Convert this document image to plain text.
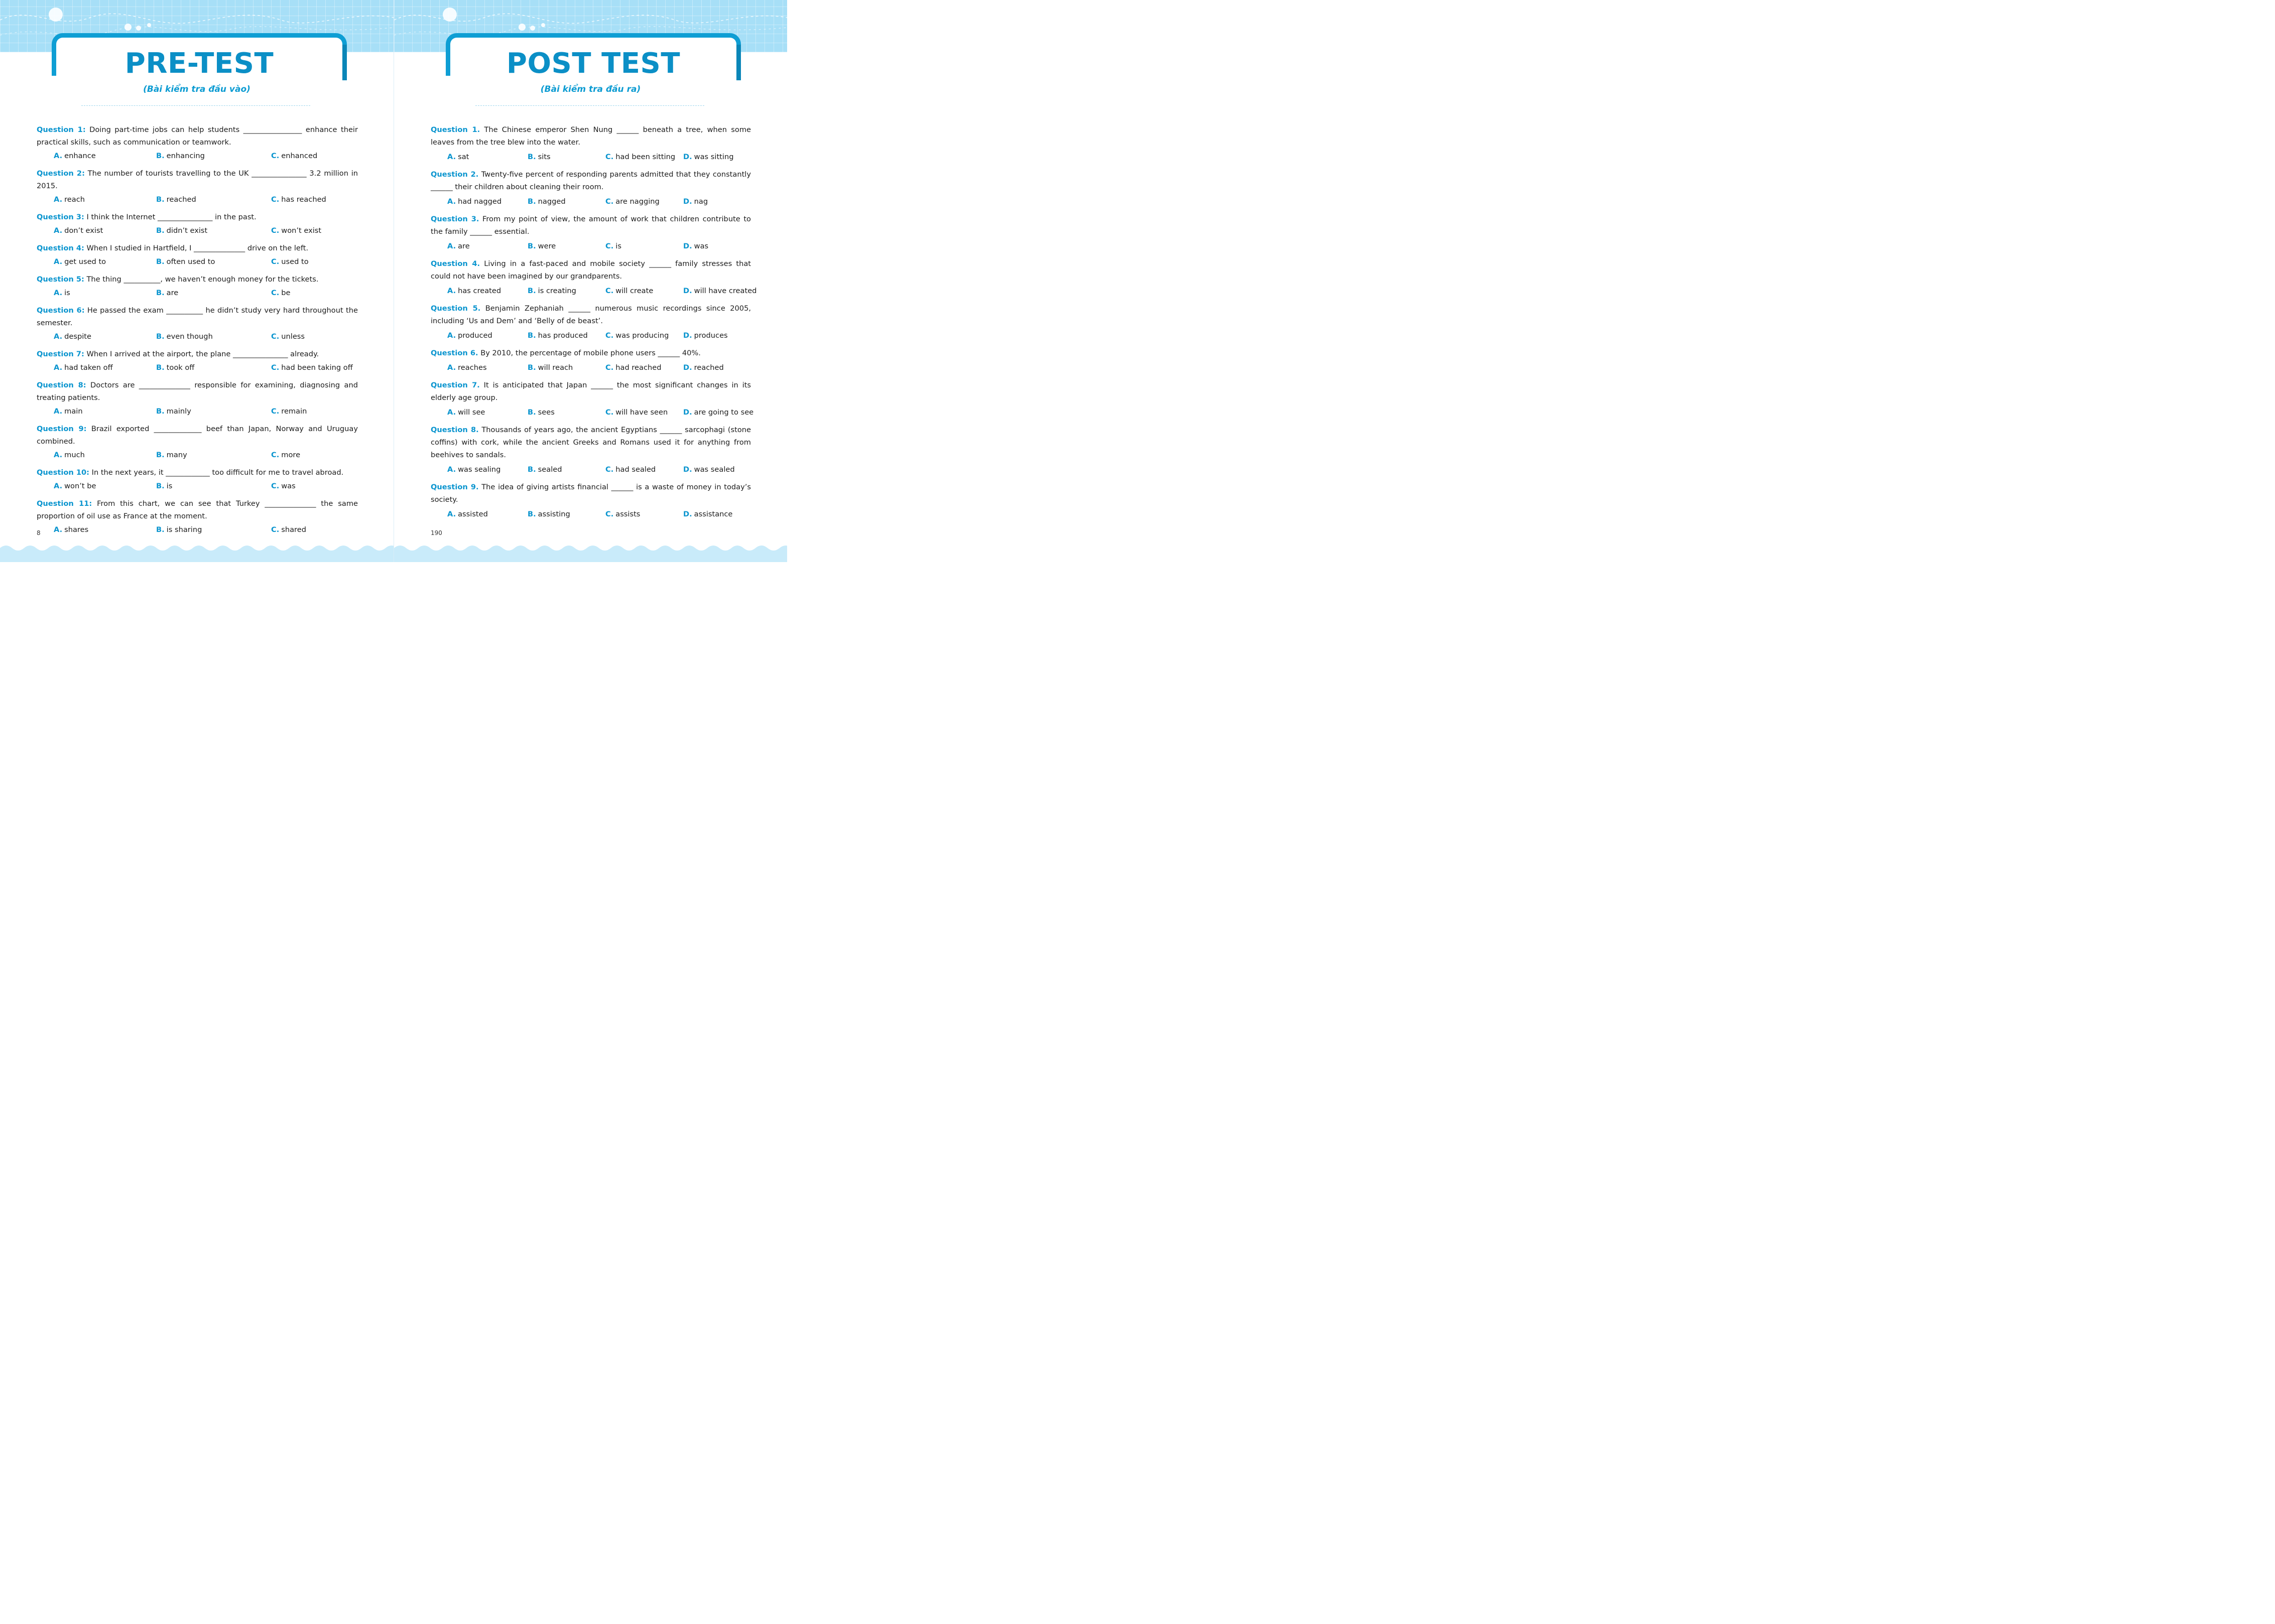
PRE-TEST
(Bài kiểm tra đầu vào)
Question 1: Doing part-time jobs can help students ________________ enhance their practical skills, such as communication or teamwork.
A. enhance	B. enhancing	C. enhanced
Question 2: The number of tourists travelling to the UK _______________ 3.2 million in 2015.
A. reach	B. reached	C. has reached
Question 3: I think the Internet _______________ in the past.
A. don’t exist	B. didn’t exist	C. won’t exist
Question 4: When I studied in Hartfield, I ______________ drive on the left.
A. get used to	B. often used to	C. used to
Question 5: The thing __________, we haven’t enough money for the tickets.
A. is	B. are	C. be
Question 6: He passed the exam __________ he didn’t study very hard throughout the semester.
A. despite	B. even though	C. unless
Question 7: When I arrived at the airport, the plane _______________ already.
A. had taken off	B. took off	C. had been taking off
Question 8: Doctors are ______________ responsible for examining, diagnosing and treating patients.
A. main	B. mainly	C. remain
Question 9: Brazil exported _____________ beef than Japan, Norway and Uruguay combined.
A. much	B. many	C. more
Question 10: In the next years, it ____________ too difficult for me to travel abroad.
A. won’t be	B. is	C. was
Question 11: From this chart, we can see that Turkey ______________ the same proportion of oil use as France at the moment.
A. shares	B. is sharing	C. shared
8
POST TEST
(Bài kiểm tra đầu ra)
Question 1. The Chinese emperor Shen Nung ______ beneath a tree, when some leaves from the tree blew into the water.
A. sat	B. sits	C. had been sitting D. was sitting
Question 2. Twenty-five percent of responding parents admitted that they constantly ______ their children about cleaning their room.
A. had nagged	B. nagged	C. are nagging	D. nag
Question 3. From my point of view, the amount of work that children contribute to the family ______ essential.
A. are	B. were	C. is	D. was
Question 4. Living in a fast-paced and mobile society ______ family stresses that could not have been imagined by our grandparents.
A. has created	B. is creating	C. will create	D. will have created
Question 5. Benjamin Zephaniah ______ numerous music recordings since 2005, including ‘Us and Dem’ and ‘Belly of de beast’.
A. produced	B. has produced C. was producing D. produces
Question 6. By 2010, the percentage of mobile phone users ______ 40%.
A. reaches	B. will reach	C. had reached	D. reached
Question 7. It is anticipated that Japan ______ the most significant changes in its elderly age group.
A. will see	B. sees	C. will have seen D. are going to see
Question 8. Thousands of years ago, the ancient Egyptians ______ sarcophagi (stone coffins) with cork, while the ancient Greeks and Romans used it for anything from beehives to sandals.
A. was sealing	B. sealed	C. had sealed	D. was sealed
Question 9. The idea of giving artists financial ______ is a waste of money in today’s society.
A. assisted	B. assisting	C. assists	D. assistance
190
